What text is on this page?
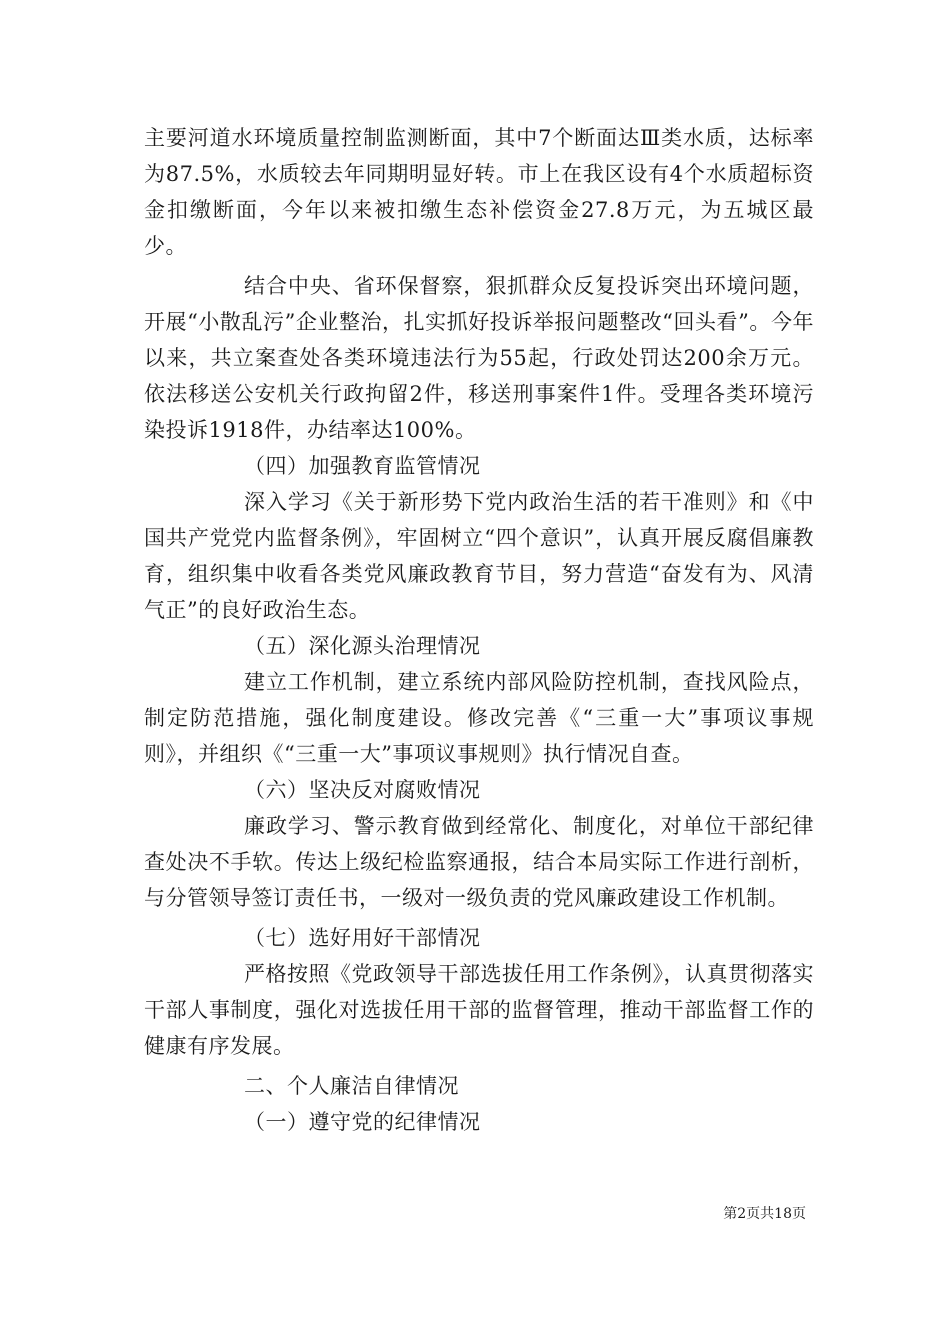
主要河道水环境质量控制监测断面，其中7个断面达Ⅲ类水质，达标率为87.5%，水质较去年同期明显好转。市上在我区设有4个水质超标资金扣缴断面，今年以来被扣缴生态补偿资金27.8万元，为五城区最少。

结合中央、省环保督察，狠抓群众反复投诉突出环境问题，开展“小散乱污”企业整治，扎实抓好投诉举报问题整改“回头看”。今年以来，共立案查处各类环境违法行为55起，行政处罚达200余万元。依法移送公安机关行政拘留2件，移送刑事案件1件。受理各类环境污染投诉1918件，办结率达100%。

（四）加强教育监管情况

深入学习《关于新形势下党内政治生活的若干准则》和《中国共产党党内监督条例》，牢固树立“四个意识”，认真开展反腐倡廉教育，组织集中收看各类党风廉政教育节目，努力营造“奋发有为、风清气正”的良好政治生态。

（五）深化源头治理情况

建立工作机制，建立系统内部风险防控机制，查找风险点，制定防范措施，强化制度建设。修改完善《“三重一大”事项议事规则》，并组织《“三重一大”事项议事规则》执行情况自查。

（六）坚决反对腐败情况

廉政学习、警示教育做到经常化、制度化，对单位干部纪律查处决不手软。传达上级纪检监察通报，结合本局实际工作进行剖析，与分管领导签订责任书，一级对一级负责的党风廉政建设工作机制。

（七）选好用好干部情况

严格按照《党政领导干部选拔任用工作条例》，认真贯彻落实干部人事制度，强化对选拔任用干部的监督管理，推动干部监督工作的健康有序发展。

二、个人廉洁自律情况

（一）遵守党的纪律情况

第2页共18页
